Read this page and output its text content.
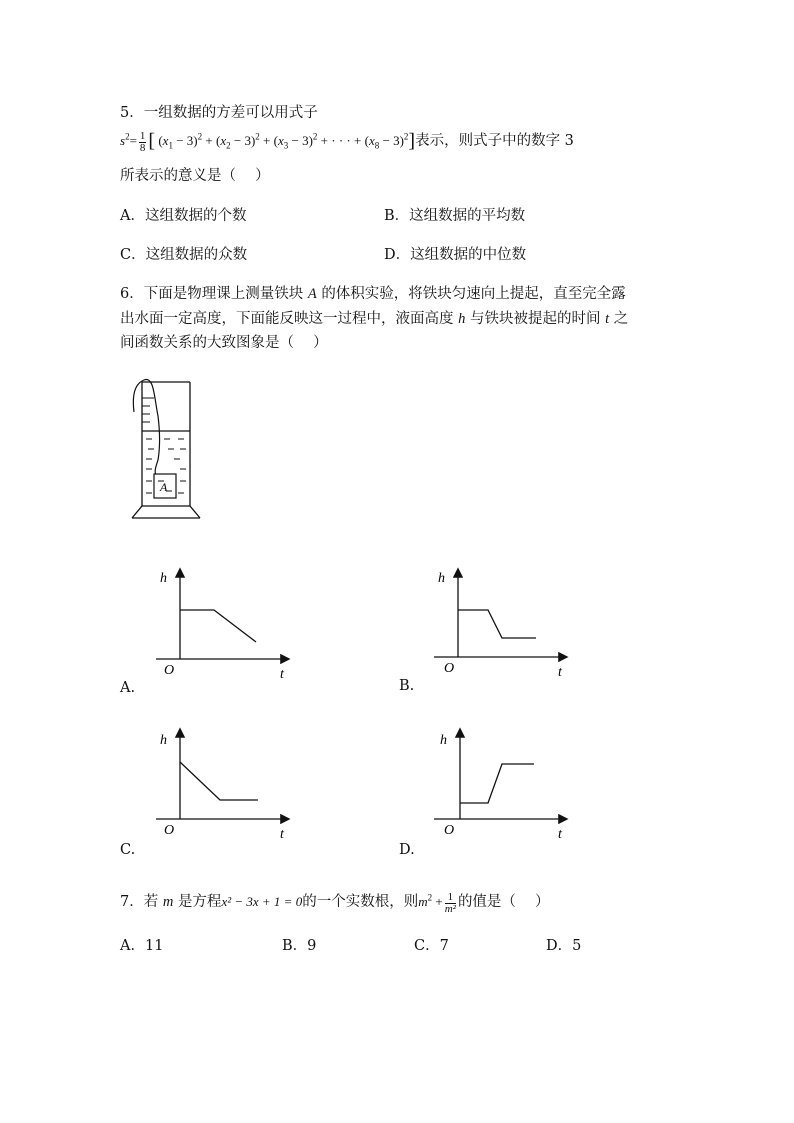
5．一组数据的方差可以用式子
$s^2= \frac{1}{8}$ [ $(x_1 - 3)^2 + (x_2 - 3)^2 + (x_3 - 3)^2$ + · · · + $(x_8 - 3)^2$]表示，则式子中的数字 3
所表示的意义是（　 ）
A．这组数据的个数	B．这组数据的平均数
C．这组数据的众数	D．这组数据的中位数
6．下面是物理课上测量铁块 A 的体积实验，将铁块匀速向上提起，直至完全露
出水面一定高度，下面能反映这一过程中，液面高度 h 与铁块被提起的时间 t 之
间函数关系的大致图象是（　 ）
A
h
t
O
A.
h
t
O
B.
h
t
O
C.
h
t
O
D.
7．若 m 是方程x² − 3x + 1 = 0的一个实数根，则$m^2 + \frac{1}{\text{m²}}$ 的值是（　 ）
A．11	B．9	C．7	D．5
